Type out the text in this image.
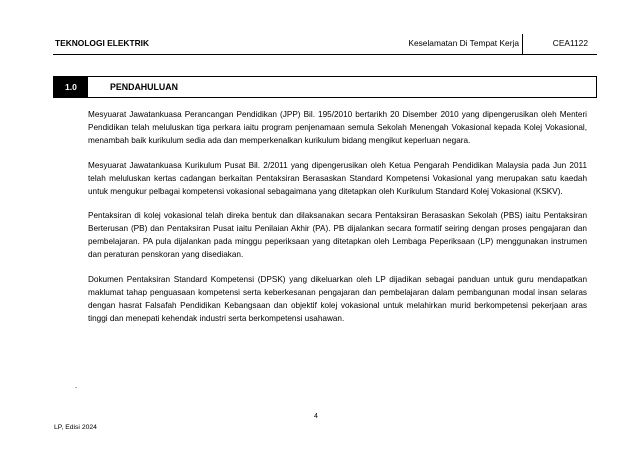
TEKNOLOGI ELEKTRIK	Keselamatan Di Tempat Kerja	CEA1122
1.0	PENDAHULUAN

Mesyuarat Jawatankuasa Perancangan Pendidikan (JPP) Bil. 195/2010 bertarikh 20 Disember 2010 yang dipengerusikan oleh Menteri Pendidikan telah meluluskan tiga perkara iaitu program penjenamaan semula Sekolah Menengah Vokasional kepada Kolej Vokasional, menambah baik kurikulum sedia ada dan memperkenalkan kurikulum bidang mengikut keperluan negara.

Mesyuarat Jawatankuasa Kurikulum Pusat Bil. 2/2011 yang dipengerusikan oleh Ketua Pengarah Pendidikan Malaysia pada Jun 2011 telah meluluskan kertas cadangan berkaitan Pentaksiran Berasaskan Standard Kompetensi Vokasional yang merupakan satu kaedah untuk mengukur pelbagai kompetensi vokasional sebagaimana yang ditetapkan oleh Kurikulum Standard Kolej Vokasional (KSKV).

Pentaksiran di kolej vokasional telah direka bentuk dan dilaksanakan secara Pentaksiran Berasaskan Sekolah (PBS) iaitu Pentaksiran Berterusan (PB) dan Pentaksiran Pusat iaitu Penilaian Akhir (PA). PB dijalankan secara formatif seiring dengan proses pengajaran dan pembelajaran. PA pula dijalankan pada minggu peperiksaan yang ditetapkan oleh Lembaga Peperiksaan (LP) menggunakan instrumen dan peraturan penskoran yang disediakan.

Dokumen Pentaksiran Standard Kompetensi (DPSK) yang dikeluarkan oleh LP dijadikan sebagai panduan untuk guru mendapatkan maklumat tahap penguasaan kompetensi serta keberkesanan pengajaran dan pembelajaran dalam pembangunan modal insan selaras dengan hasrat Falsafah Pendidikan Kebangsaan dan objektif kolej vokasional untuk melahirkan murid berkompetensi pekerjaan aras tinggi dan menepati kehendak industri serta berkompetensi usahawan.

.
4
LP, Edisi 2024
